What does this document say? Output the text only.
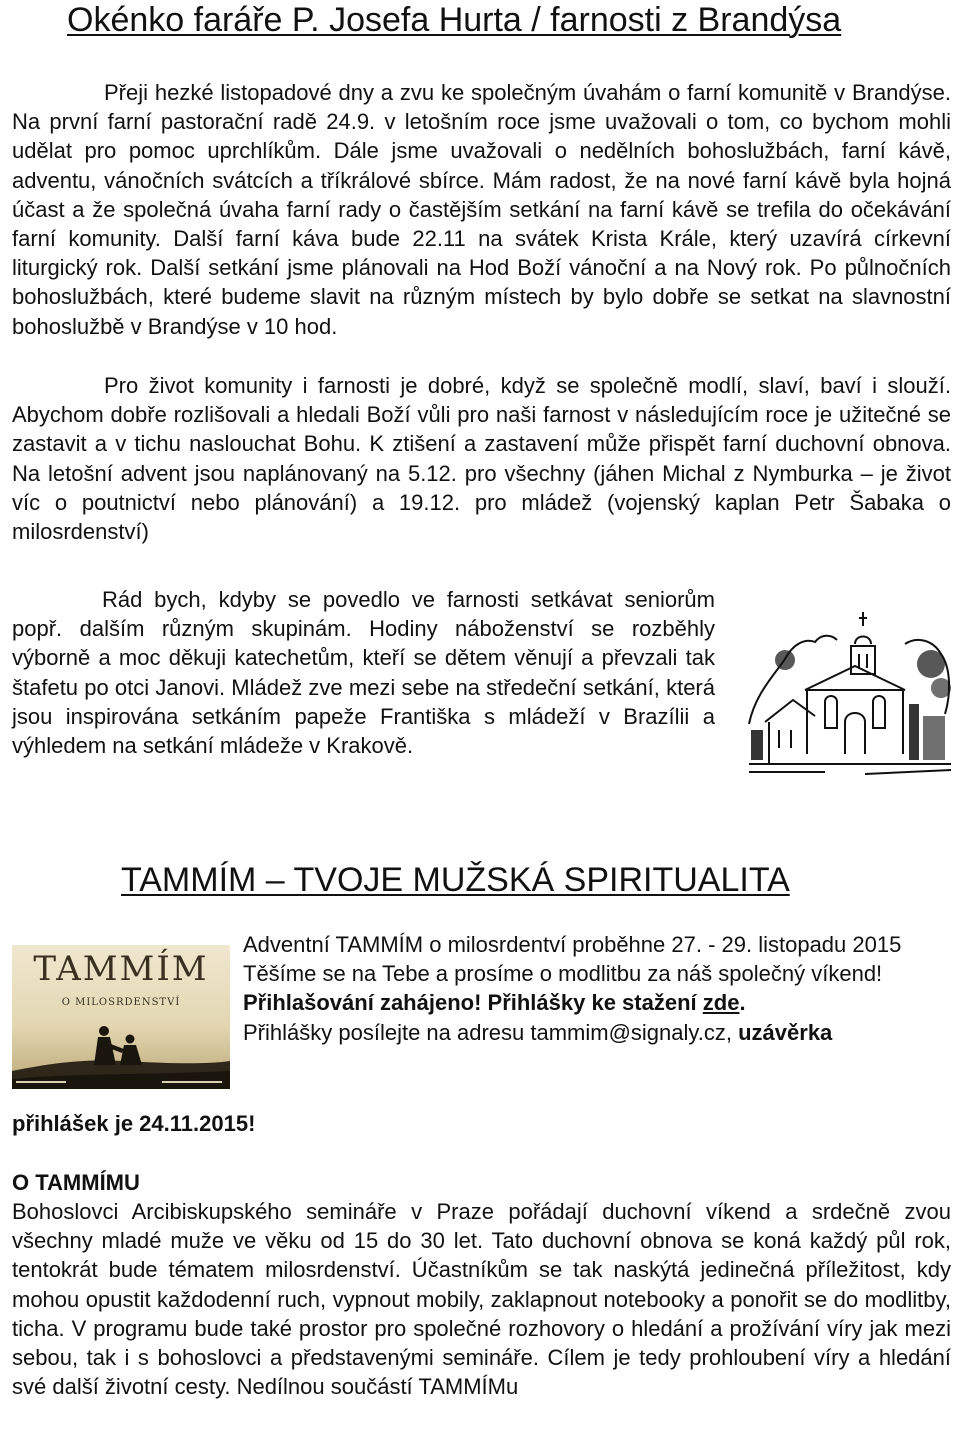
Okénko faráře P. Josefa Hurta / farnosti z Brandýsa

Přeji hezké listopadové dny a zvu ke společným úvahám o farní komunitě v Brandýse. Na první farní pastorační radě 24.9. v letošním roce jsme uvažovali o tom, co bychom mohli udělat pro pomoc uprchlíkům. Dále jsme uvažovali o nedělních bohoslužbách, farní kávě, adventu, vánočních svátcích a tříkrálové sbírce. Mám radost, že na nové farní kávě byla hojná účast a že společná úvaha farní rady o častějším setkání na farní kávě se trefila do očekávání farní komunity. Další farní káva bude 22.11 na svátek Krista Krále, který uzavírá církevní liturgický rok. Další setkání jsme plánovali na Hod Boží vánoční a na Nový rok. Po půlnočních bohoslužbách, které budeme slavit na různým místech by bylo dobře se setkat na slavnostní bohoslužbě v Brandýse v 10 hod.

Pro život komunity i farnosti je dobré, když se společně modlí, slaví, baví i slouží. Abychom dobře rozlišovali a hledali Boží vůli pro naši farnost v následujícím roce je užitečné se zastavit a v tichu naslouchat Bohu. K ztišení a zastavení může přispět farní duchovní obnova. Na letošní advent jsou naplánovaný na 5.12. pro všechny (jáhen Michal z Nymburka – je život víc o poutnictví nebo plánování) a 19.12. pro mládež (vojenský kaplan Petr Šabaka o milosrdenství)

Rád bych, kdyby se povedlo ve farnosti setkávat seniorům popř. dalším různým skupinám. Hodiny náboženství se rozběhly výborně a moc děkuji katechetům, kteří se dětem věnují a převzali tak štafetu po otci Janovi. Mládež zve mezi sebe na středeční setkání, která jsou inspirována setkáním papeže Františka s mládeží v Brazílii a výhledem na setkání mládeže v Krakově.

TAMMÍM – TVOJE MUŽSKÁ SPIRITUALITA
TAMMÍM
O MILOSRDENSTVÍ

Adventní TAMMÍM o milosrdentví proběhne 27. - 29. listopadu 2015

Těšíme se na Tebe a prosíme o modlitbu za náš společný víkend!

Přihlašování zahájeno! Přihlášky ke stažení zde.

Přihlášky posílejte na adresu tammim@signaly.cz, uzávěrka

přihlášek je 24.11.2015!

O TAMMÍMU

Bohoslovci Arcibiskupského semináře v Praze pořádají duchovní víkend a srdečně zvou všechny mladé muže ve věku od 15 do 30 let. Tato duchovní obnova se koná každý půl rok, tentokrát bude tématem milosrdenství. Účastníkům se tak naskýtá jedinečná příležitost, kdy mohou opustit každodenní ruch, vypnout mobily, zaklapnout notebooky a ponořit se do modlitby, ticha. V programu bude také prostor pro společné rozhovory o hledání a prožívání víry jak mezi sebou, tak i s bohoslovci a představenými semináře. Cílem je tedy prohloubení víry a hledání své další životní cesty. Nedílnou součástí TAMMÍMu
